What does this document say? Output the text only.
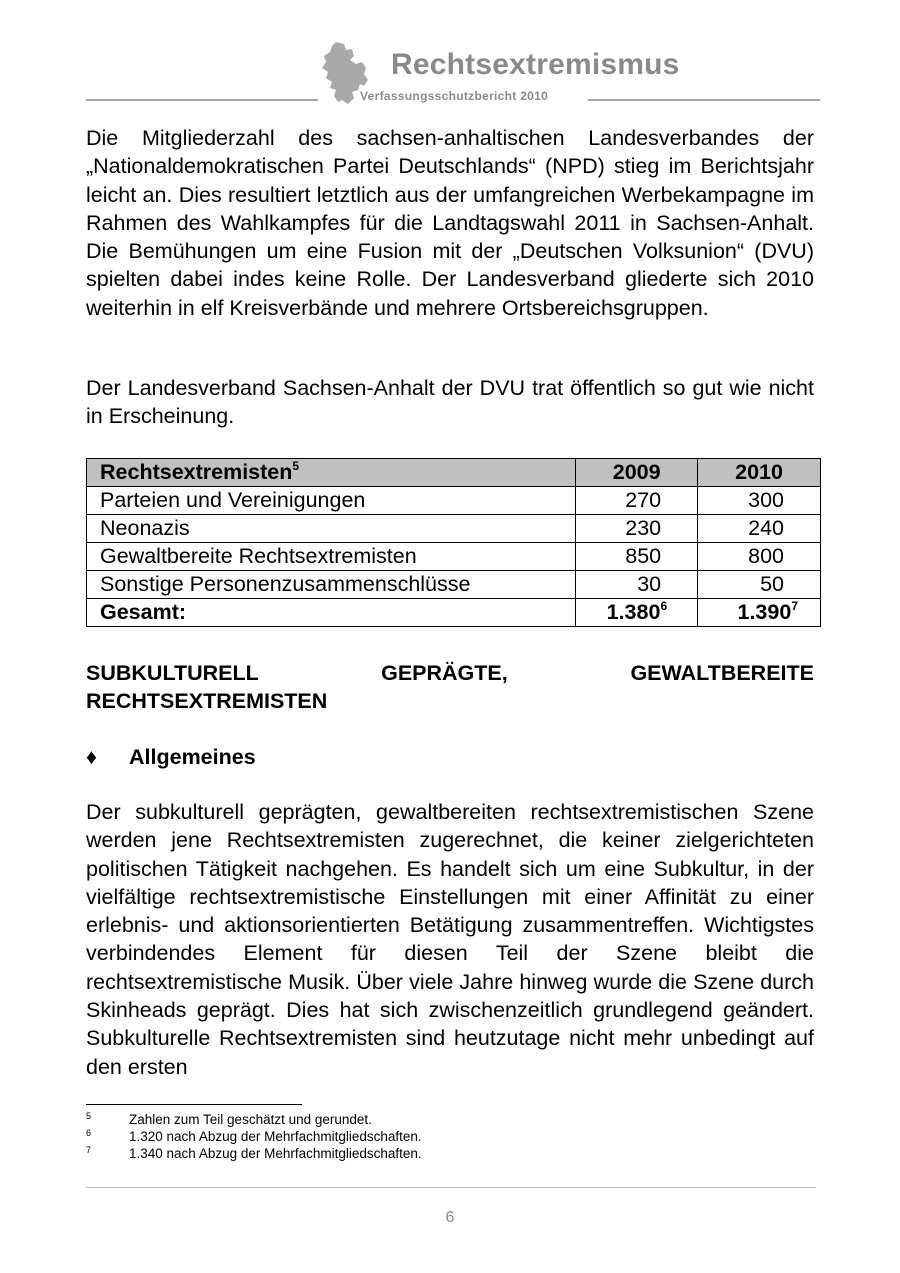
Rechtsextremismus
Verfassungsschutzbericht 2010

Die Mitgliederzahl des sachsen-anhaltischen Landesverbandes der „Nationaldemokratischen Partei Deutschlands“ (NPD) stieg im Berichtsjahr leicht an. Dies resultiert letztlich aus der umfangreichen Werbekampagne im Rahmen des Wahlkampfes für die Landtagswahl 2011 in Sachsen-Anhalt. Die Bemühungen um eine Fusion mit der „Deutschen Volksunion“ (DVU) spielten dabei indes keine Rolle. Der Landesverband gliederte sich 2010 weiterhin in elf Kreisverbände und mehrere Ortsbereichsgruppen.

Der Landesverband Sachsen-Anhalt der DVU trat öffentlich so gut wie nicht in Erscheinung.

Rechtsextremisten$^5$	2009	2010
Parteien und Vereinigungen	270	300
Neonazis	230	240
Gewaltbereite Rechtsextremisten	850	800
Sonstige Personenzusammenschlüsse	30	50
Gesamt:	1.380$^6$	1.390$^7$

SUBKULTURELL GEPRÄGTE, GEWALTBEREITE RECHTSEXTREMISTEN

♦ Allgemeines

Der subkulturell geprägten, gewaltbereiten rechtsextremistischen Szene werden jene Rechtsextremisten zugerechnet, die keiner zielgerichteten politischen Tätigkeit nachgehen. Es handelt sich um eine Subkultur, in der vielfältige rechtsextremistische Einstellungen mit einer Affinität zu einer erlebnis- und aktionsorientierten Betätigung zusammentreffen. Wichtigstes verbindendes Element für diesen Teil der Szene bleibt die rechtsextremistische Musik. Über viele Jahre hinweg wurde die Szene durch Skinheads geprägt. Dies hat sich zwischenzeitlich grundlegend geändert. Subkulturelle Rechtsextremisten sind heutzutage nicht mehr unbedingt auf den ersten

5	Zahlen zum Teil geschätzt und gerundet.
6	1.320 nach Abzug der Mehrfachmitgliedschaften.
7	1.340 nach Abzug der Mehrfachmitgliedschaften.
6
